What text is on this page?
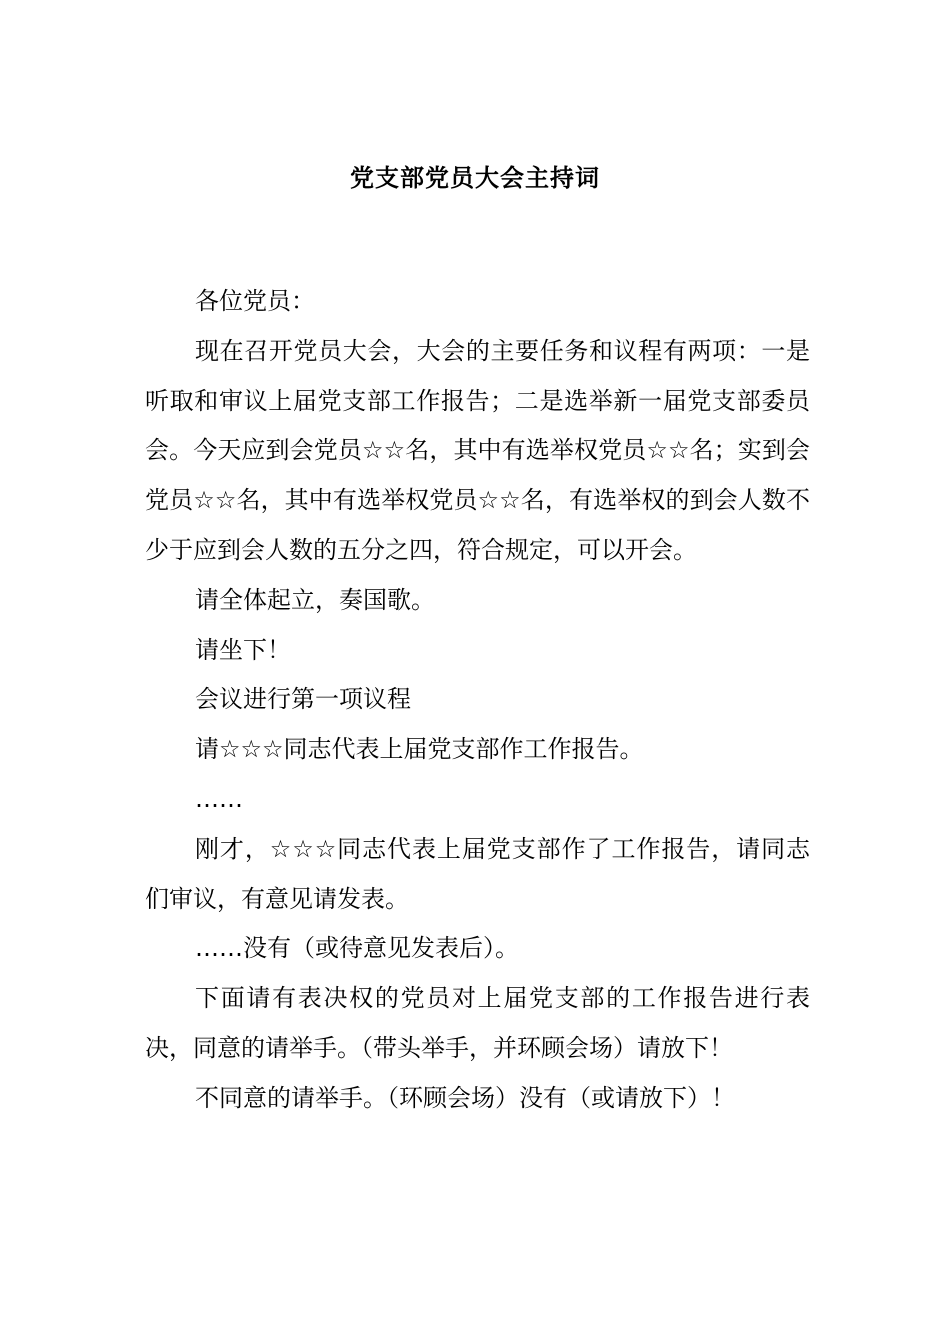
党支部党员大会主持词

各位党员：

现在召开党员大会，大会的主要任务和议程有两项：一是听取和审议上届党支部工作报告；二是选举新一届党支部委员会。今天应到会党员☆☆名，其中有选举权党员☆☆名；实到会党员☆☆名，其中有选举权党员☆☆名，有选举权的到会人数不少于应到会人数的五分之四，符合规定，可以开会。

请全体起立，奏国歌。

请坐下！

会议进行第一项议程

请☆☆☆同志代表上届党支部作工作报告。

……

刚才，☆☆☆同志代表上届党支部作了工作报告，请同志们审议，有意见请发表。

……没有（或待意见发表后）。

下面请有表决权的党员对上届党支部的工作报告进行表决，同意的请举手。（带头举手，并环顾会场）请放下！

不同意的请举手。（环顾会场）没有（或请放下）！
